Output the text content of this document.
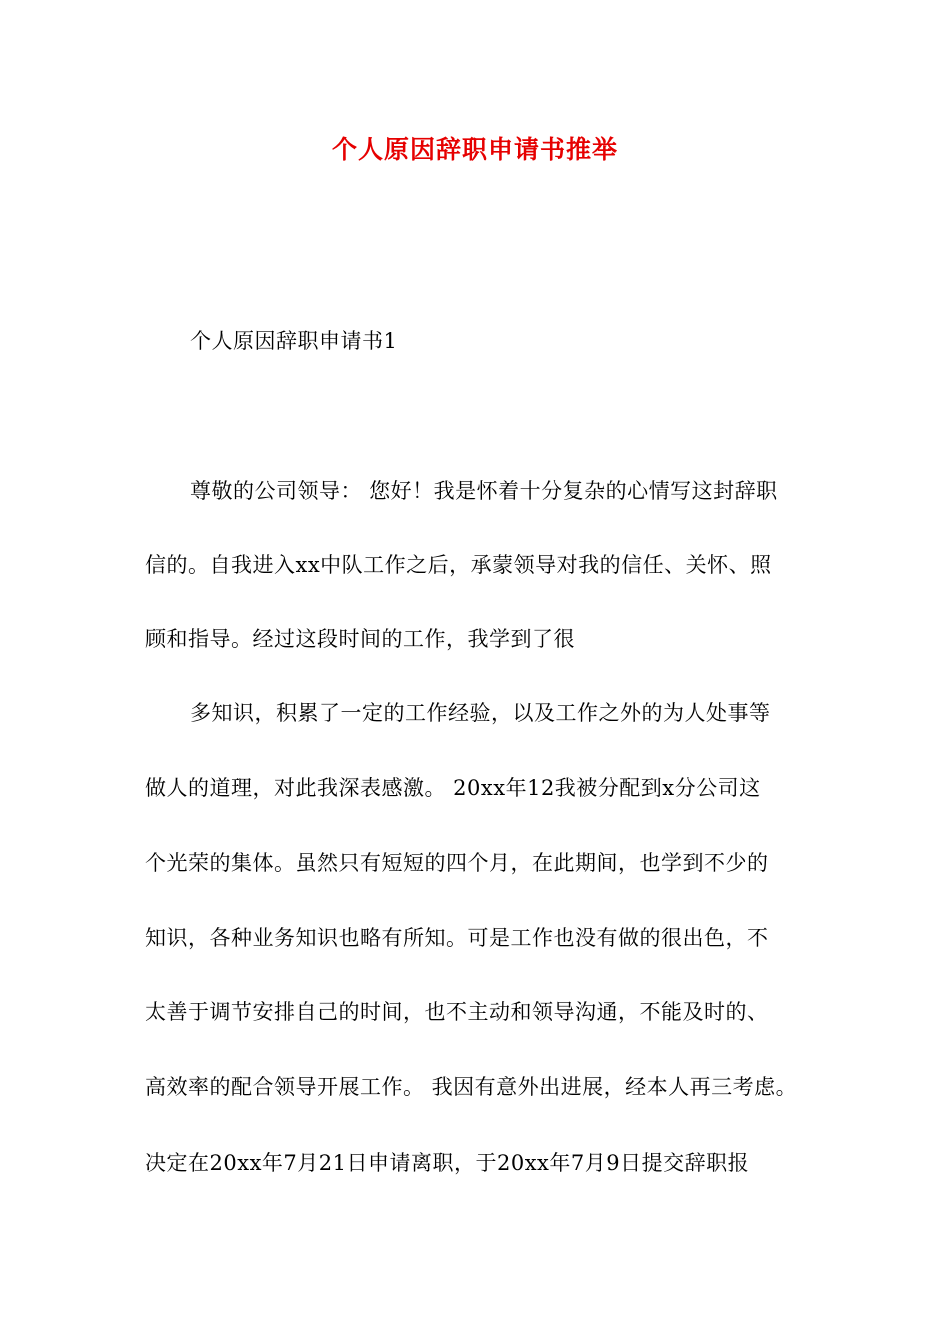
个人原因辞职申请书推举
个人原因辞职申请书1
尊敬的公司领导： 您好！我是怀着十分复杂的心情写这封辞职
信的。自我进入xx中队工作之后，承蒙领导对我的信任、关怀、照
顾和指导。经过这段时间的工作，我学到了很
多知识，积累了一定的工作经验，以及工作之外的为人处事等
做人的道理，对此我深表感激。 20xx年12我被分配到x分公司这
个光荣的集体。虽然只有短短的四个月，在此期间，也学到不少的
知识，各种业务知识也略有所知。可是工作也没有做的很出色，不
太善于调节安排自己的时间，也不主动和领导沟通，不能及时的、
高效率的配合领导开展工作。 我因有意外出进展，经本人再三考虑。
决定在20xx年7月21日申请离职，于20xx年7月9日提交辞职报
